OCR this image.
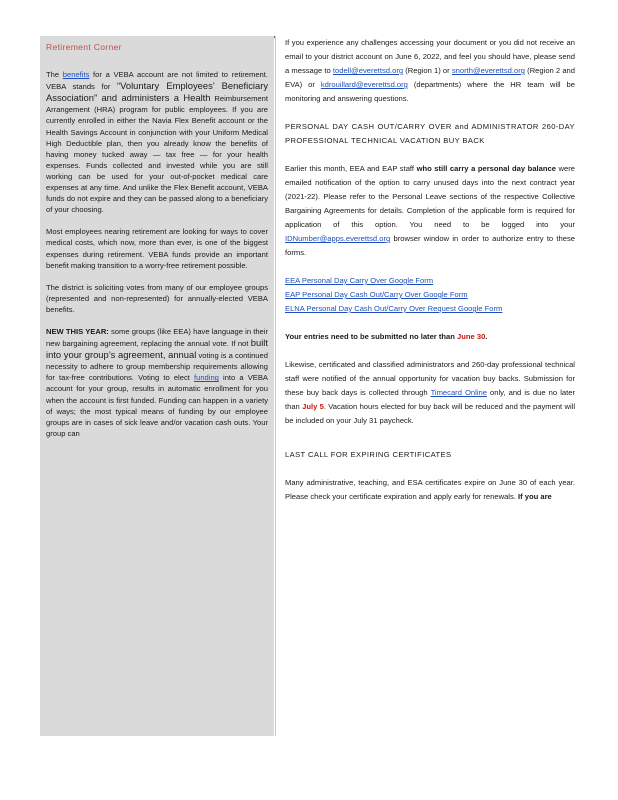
Retirement Corner

The benefits for a VEBA account are not limited to retirement. VEBA stands for “Voluntary Employees’ Beneficiary Association” and administers a Health Reimbursement Arrangement (HRA) program for public employees. If you are currently enrolled in either the Navia Flex Benefit account or the Health Savings Account in conjunction with your Uniform Medical High Deductible plan, then you already know the benefits of having money tucked away — tax free — for your health expenses. Funds collected and invested while you are still working can be used for your out-of-pocket medical care expenses at any time. And unlike the Flex Benefit account, VEBA funds do not expire and they can be passed along to a beneficiary of your choosing.

Most employees nearing retirement are looking for ways to cover medical costs, which now, more than ever, is one of the biggest expenses during retirement. VEBA funds provide an important benefit making transition to a worry-free retirement possible.

The district is soliciting votes from many of our employee groups (represented and non-represented) for annually-elected VEBA benefits.

NEW THIS YEAR: some groups (like EEA) have language in their new bargaining agreement, replacing the annual vote. If not built into your group’s agreement, annual voting is a continued necessity to adhere to group membership requirements allowing for tax-free contributions. Voting to elect funding into a VEBA account for your group, results in automatic enrollment for you when the account is first funded. Funding can happen in a variety of ways; the most typical means of funding by our employee groups are in cases of sick leave and/or vacation cash outs. Your group can

If you experience any challenges accessing your document or you did not receive an email to your district account on June 6, 2022, and feel you should have, please send a message to todell@everettsd.org (Region 1) or snorth@everettsd.org (Region 2 and EVA) or kdrouillard@everettsd.org (departments) where the HR team will be monitoring and answering questions.

PERSONAL DAY CASH OUT/CARRY OVER and ADMINISTRATOR 260-DAY PROFESSIONAL TECHNICAL VACATION BUY BACK

Earlier this month, EEA and EAP staff who still carry a personal day balance were emailed notification of the option to carry unused days into the next contract year (2021-22). Please refer to the Personal Leave sections of the respective Collective Bargaining Agreements for details. Completion of the applicable form is required for application of this option. You need to be logged into your IDNumber@apps.everettsd.org browser window in order to authorize entry to these forms.

EEA Personal Day Carry Over Google Form
EAP Personal Day Cash Out/Carry Over Google Form
ELNA Personal Day Cash Out/Carry Over Request Google Form

Your entries need to be submitted no later than June 30.

Likewise, certificated and classified administrators and 260-day professional technical staff were notified of the annual opportunity for vacation buy backs. Submission for these buy back days is collected through Timecard Online only, and is due no later than July 5. Vacation hours elected for buy back will be reduced and the payment will be included on your July 31 paycheck.

LAST CALL FOR EXPIRING CERTIFICATES

Many administrative, teaching, and ESA certificates expire on June 30 of each year. Please check your certificate expiration and apply early for renewals. If you are
